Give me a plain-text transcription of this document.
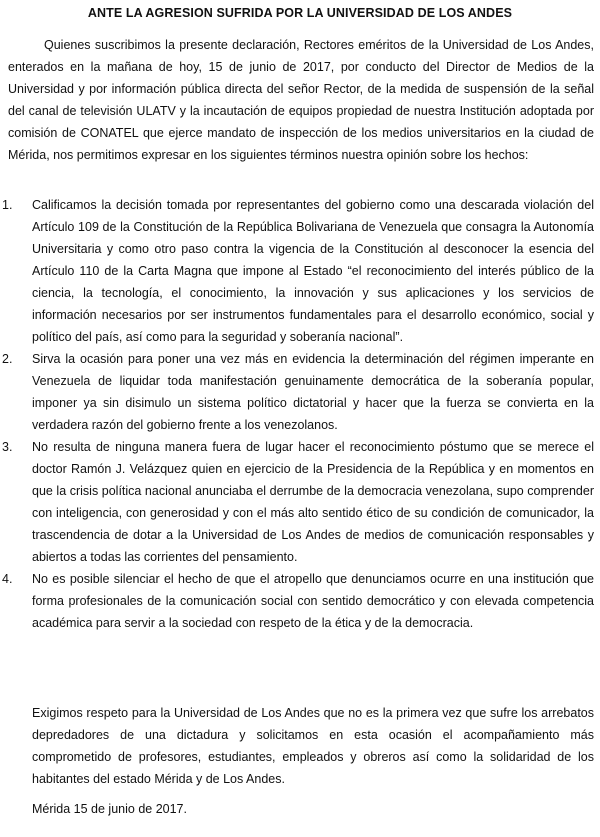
ANTE LA AGRESION SUFRIDA POR LA UNIVERSIDAD DE LOS ANDES

Quienes suscribimos la presente declaración, Rectores eméritos de la Universidad de Los Andes, enterados en la mañana de hoy, 15 de junio de 2017, por conducto del Director de Medios de la Universidad y por información pública directa del señor Rector, de la medida de suspensión de la señal del canal de televisión ULATV y la incautación de equipos propiedad de nuestra Institución adoptada por comisión de CONATEL que ejerce mandato de inspección de los medios universitarios en la ciudad de Mérida, nos permitimos expresar en los siguientes términos nuestra opinión sobre los hechos:

1.	Calificamos la decisión tomada por representantes del gobierno como una descarada violación del Artículo 109 de la Constitución de la República Bolivariana de Venezuela que consagra la Autonomía Universitaria y como otro paso contra la vigencia de la Constitución al desconocer la esencia del Artículo 110 de la Carta Magna que impone al Estado “el reconocimiento del interés público de la ciencia, la tecnología, el conocimiento, la innovación y sus aplicaciones y los servicios de información necesarios por ser instrumentos fundamentales para el desarrollo económico, social y político del país, así como para la seguridad y soberanía nacional”.
2.	Sirva la ocasión para poner una vez más en evidencia la determinación del régimen imperante en Venezuela de liquidar toda manifestación genuinamente democrática de la soberanía popular, imponer ya sin disimulo un sistema político dictatorial y hacer que la fuerza se convierta en la verdadera razón del gobierno frente a los venezolanos.
3.	No resulta de ninguna manera fuera de lugar hacer el reconocimiento póstumo que se merece el doctor Ramón J. Velázquez quien en ejercicio de la Presidencia de la República y en momentos en que la crisis política nacional anunciaba el derrumbe de la democracia venezolana, supo comprender con inteligencia, con generosidad y con el más alto sentido ético de su condición de comunicador, la trascendencia de dotar a la Universidad de Los Andes de medios de comunicación responsables y abiertos a todas las corrientes del pensamiento.
4.	No es posible silenciar el hecho de que el atropello que denunciamos ocurre en una institución que forma profesionales de la comunicación social con sentido democrático y con elevada competencia académica para servir a la sociedad con respeto de la ética y de la democracia.

Exigimos respeto para la Universidad de Los Andes que no es la primera vez que sufre los arrebatos depredadores de una dictadura y solicitamos en esta ocasión el acompañamiento más comprometido de profesores, estudiantes, empleados y obreros así como la solidaridad de los habitantes del estado Mérida y de Los Andes.

Mérida 15 de junio de 2017.
